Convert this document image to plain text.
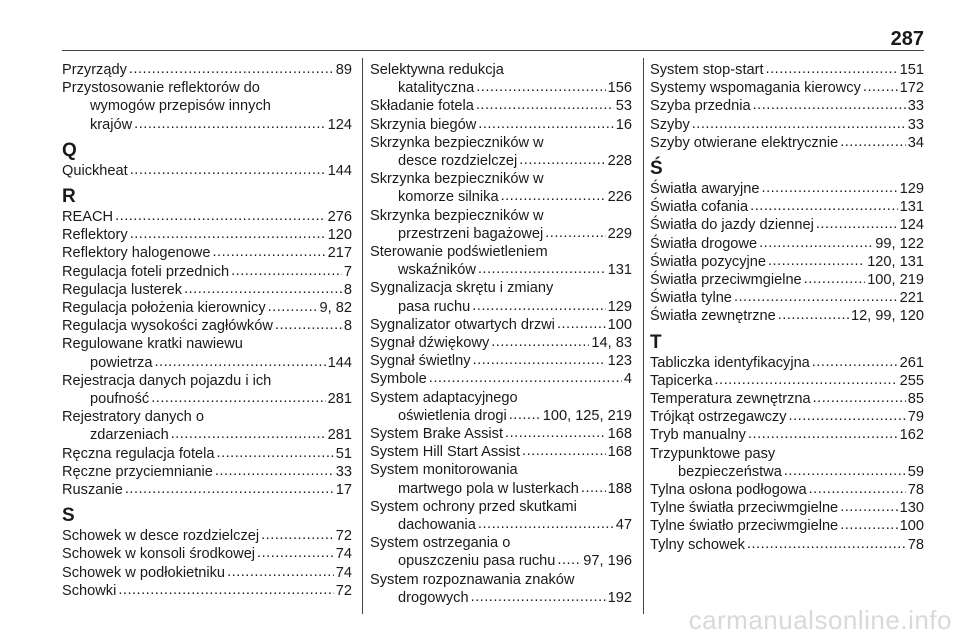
287
Przyrządy .....	89
Przystosowanie reflektorów do
wymogów przepisów innych
krajów .....	124
Q
Quickheat .....	144
R
REACH .....	276
Reflektory .....	120
Reflektory halogenowe .....	217
Regulacja foteli przednich .....	7
Regulacja lusterek .....	8
Regulacja położenia kierownicy .....	9, 82
Regulacja wysokości zagłówków .....	8
Regulowane kratki nawiewu
powietrza .....	144
Rejestracja danych pojazdu i ich
poufność .....	281
Rejestratory danych o
zdarzeniach .....	281
Ręczna regulacja fotela .....	51
Ręczne przyciemnianie .....	33
Ruszanie .....	17
S
Schowek w desce rozdzielczej .....	72
Schowek w konsoli środkowej .....	74
Schowek w podłokietniku .....	74
Schowki .....	72
Selektywna redukcja
katalityczna .....	156
Składanie fotela .....	53
Skrzynia biegów .....	16
Skrzynka bezpieczników w
desce rozdzielczej .....	228
Skrzynka bezpieczników w
komorze silnika .....	226
Skrzynka bezpieczników w
przestrzeni bagażowej .....	229
Sterowanie podświetleniem
wskaźników .....	131
Sygnalizacja skrętu i zmiany
pasa ruchu .....	129
Sygnalizator otwartych drzwi .....	100
Sygnał dźwiękowy .....	14, 83
Sygnał świetlny .....	123
Symbole .....	4
System adaptacyjnego
oświetlenia drogi ..... 100, 125, 219
System Brake Assist .....	168
System Hill Start Assist .....	168
System monitorowania
martwego pola w lusterkach ..... 188
System ochrony przed skutkami
dachowania .....	47
System ostrzegania o
opuszczeniu pasa ruchu ..... 97, 196
System rozpoznawania znaków
drogowych .....	192
System stop-start .....	151
Systemy wspomagania kierowcy .....	172
Szyba przednia .....	33
Szyby .....	33
Szyby otwierane elektrycznie .....	34
Ś
Światła awaryjne .....	129
Światła cofania .....	131
Światła do jazdy dziennej .....	124
Światła drogowe .....	99, 122
Światła pozycyjne .....	120, 131
Światła przeciwmgielne .....	100, 219
Światła tylne .....	221
Światła zewnętrzne .....	12, 99, 120
T
Tabliczka identyfikacyjna .....	261
Tapicerka .....	255
Temperatura zewnętrzna .....	85
Trójkąt ostrzegawczy .....	79
Tryb manualny .....	162
Trzypunktowe pasy
bezpieczeństwa .....	59
Tylna osłona podłogowa .....	78
Tylne światła przeciwmgielne .....	130
Tylne światło przeciwmgielne .....	100
Tylny schowek .....	78
carmanualsonline.info
